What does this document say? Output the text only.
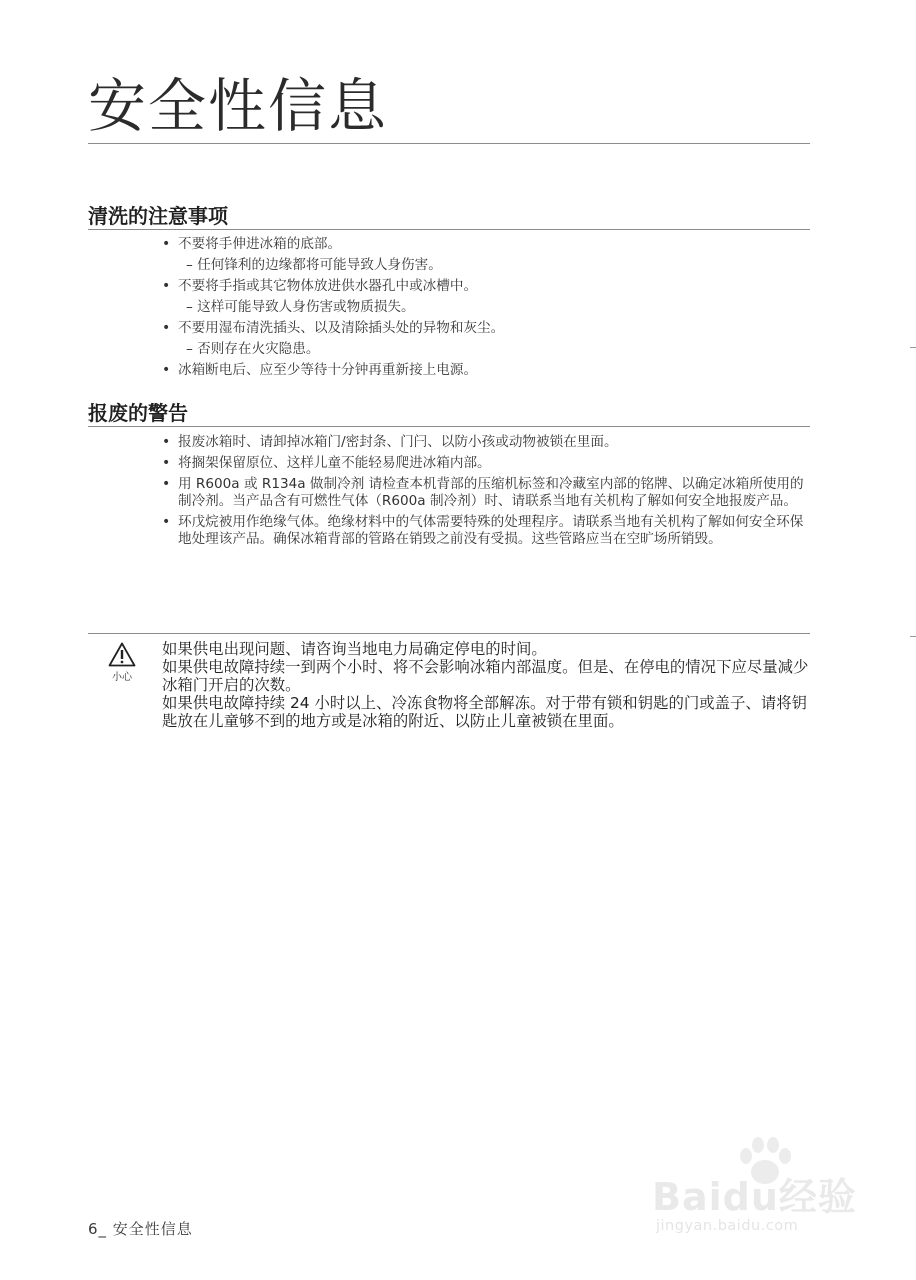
安全性信息
清洗的注意事项
• 不要将手伸进冰箱的底部。
– 任何锋利的边缘都将可能导致人身伤害。
• 不要将手指或其它物体放进供水器孔中或冰槽中。
– 这样可能导致人身伤害或物质损失。
• 不要用湿布清洗插头、以及清除插头处的异物和灰尘。
– 否则存在火灾隐患。
• 冰箱断电后、应至少等待十分钟再重新接上电源。
报废的警告
• 报废冰箱时、请卸掉冰箱门/密封条、门闩、以防小孩或动物被锁在里面。
• 将搁架保留原位、这样儿童不能轻易爬进冰箱内部。
• 用 R600a 或 R134a 做制冷剂 请检查本机背部的压缩机标签和冷藏室内部的铭牌、以确定冰箱所使用的制冷剂。当产品含有可燃性气体（R600a 制冷剂）时、请联系当地有关机构了解如何安全地报废产品。
• 环戊烷被用作绝缘气体。绝缘材料中的气体需要特殊的处理程序。请联系当地有关机构了解如何安全环保地处理该产品。确保冰箱背部的管路在销毁之前没有受损。这些管路应当在空旷场所销毁。
小心

如果供电出现问题、请咨询当地电力局确定停电的时间。

如果供电故障持续一到两个小时、将不会影响冰箱内部温度。但是、在停电的情况下应尽量减少冰箱门开启的次数。

如果供电故障持续 24 小时以上、冷冻食物将全部解冻。对于带有锁和钥匙的门或盖子、请将钥匙放在儿童够不到的地方或是冰箱的附近、以防止儿童被锁在里面。

6_ 安全性信息
Baidu经验
jingyan.baidu.com
